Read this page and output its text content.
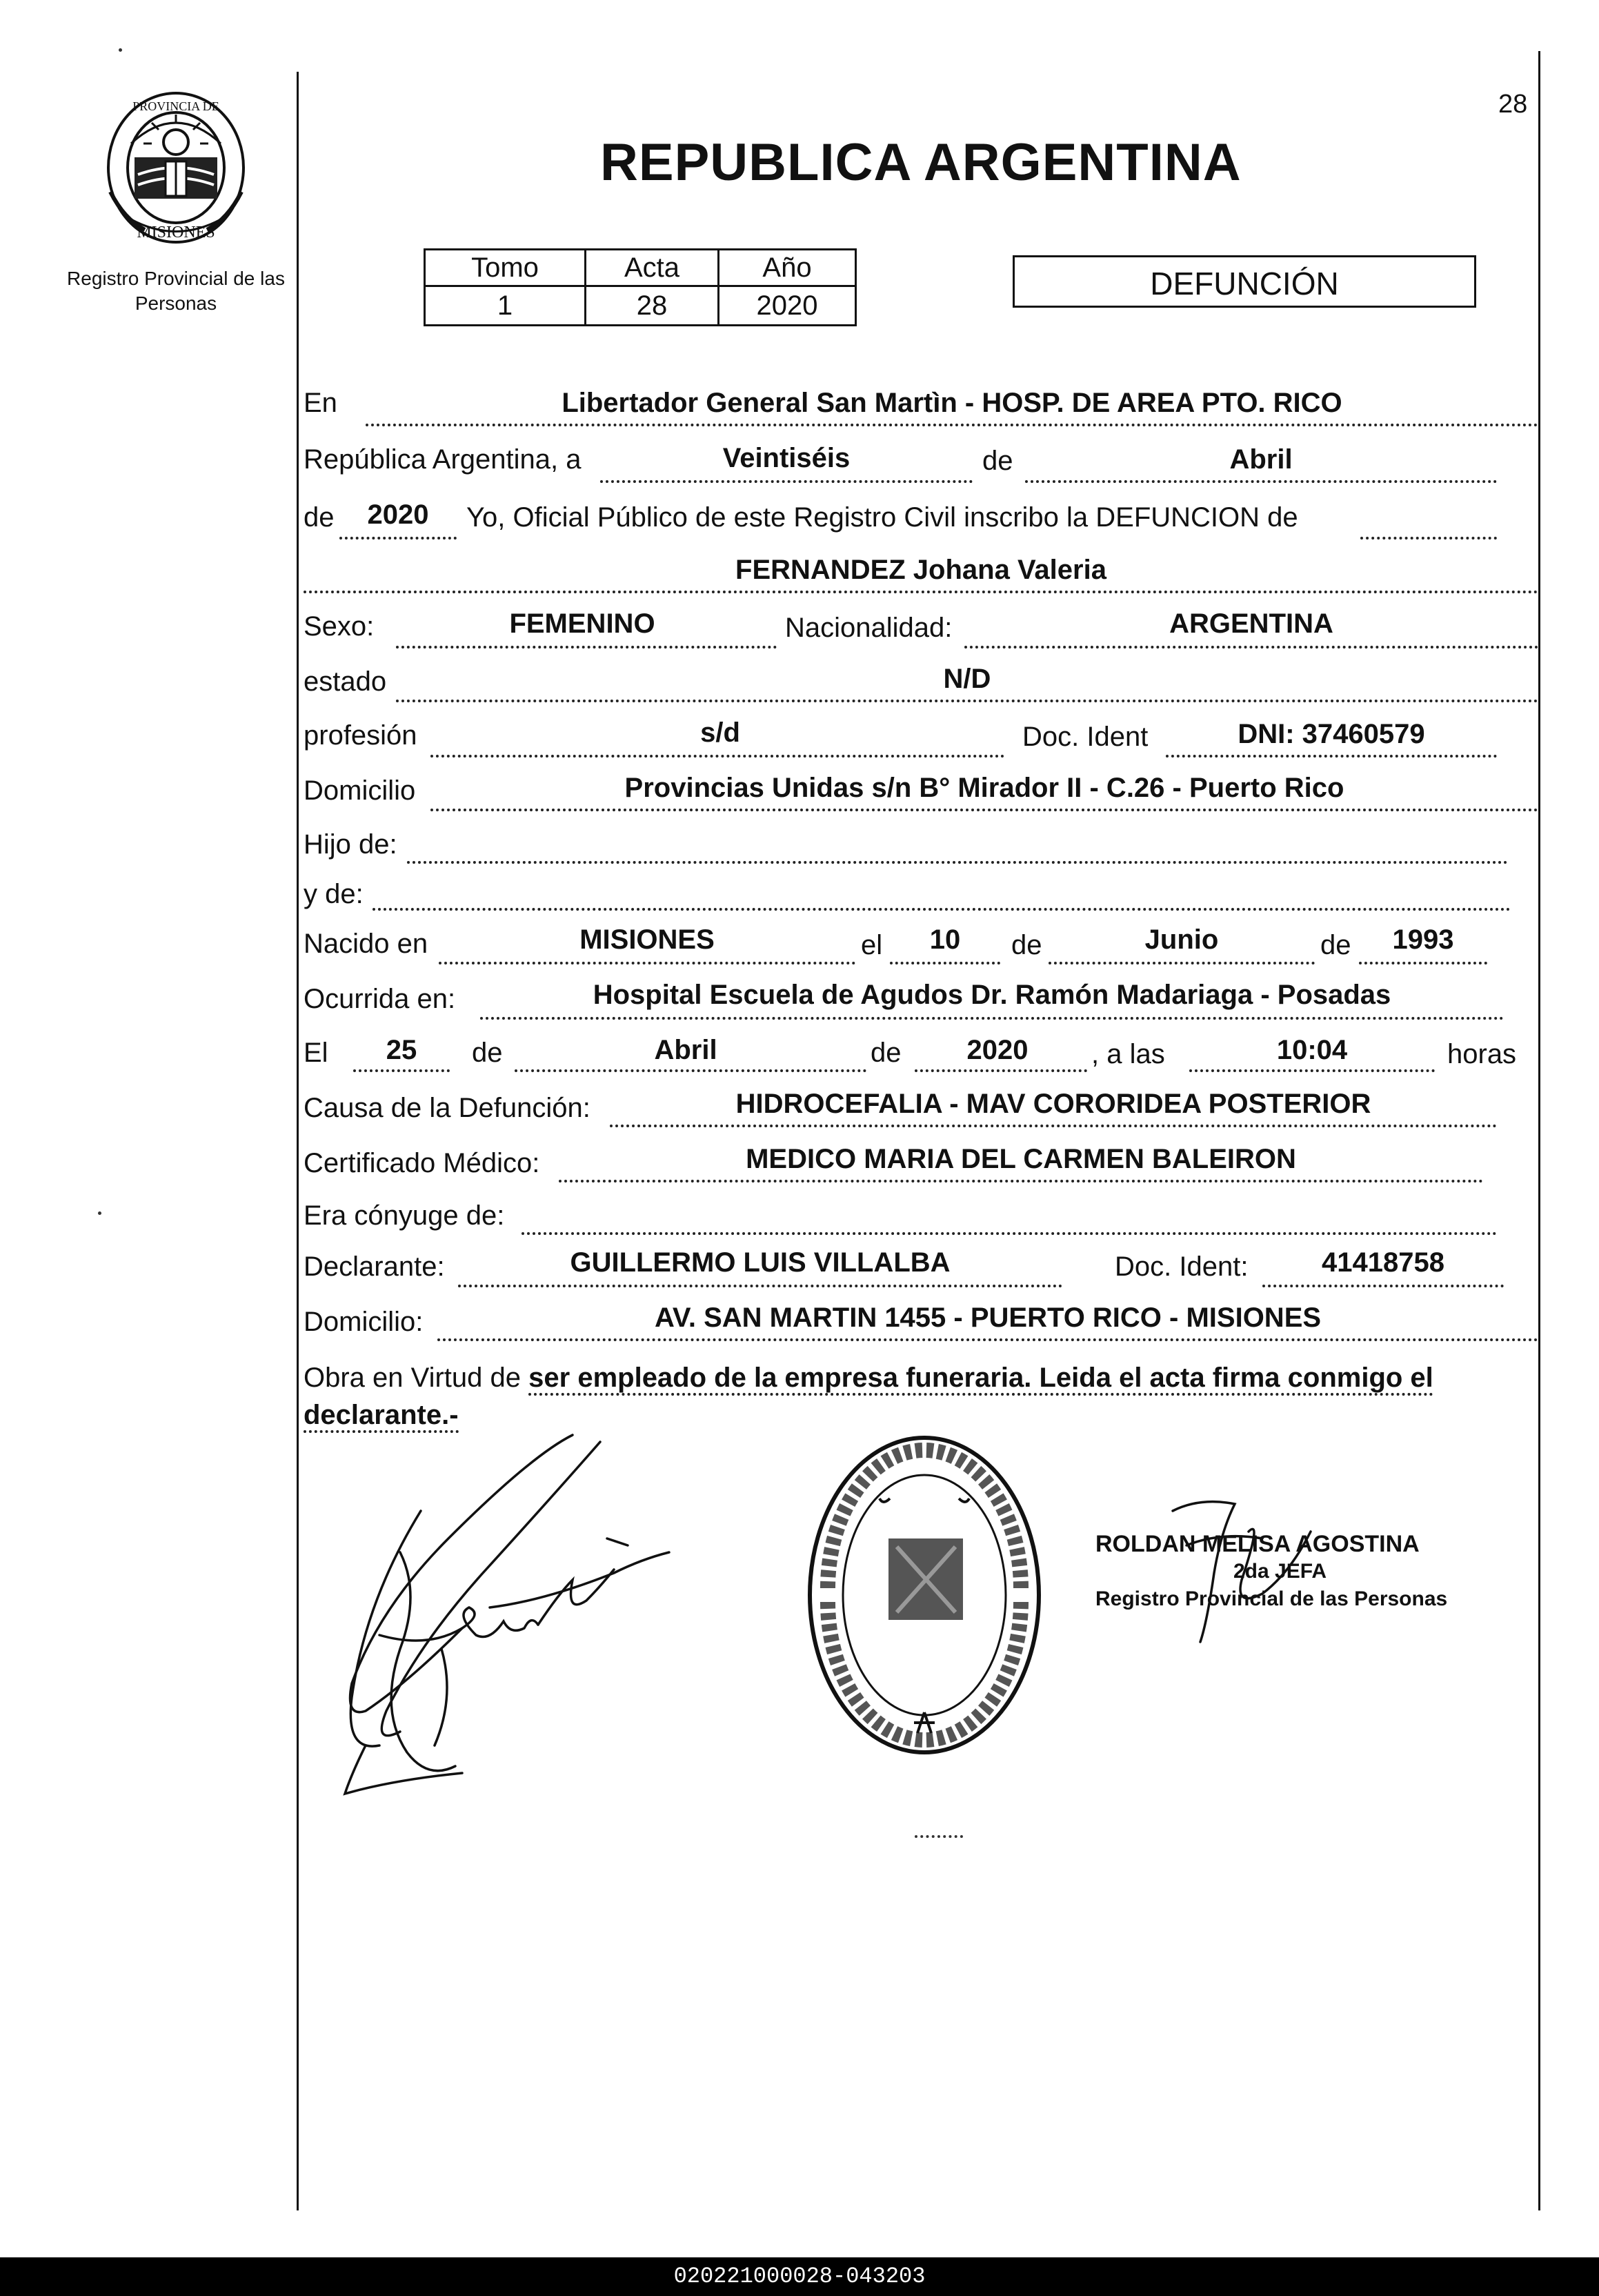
PROVINCIA DE
MISIONES
Registro Provincial de las Personas
28
REPUBLICA ARGENTINA
Tomo	Acta	Año
1	28	2020
DEFUNCIÓN
En	Libertador General San Martìn - HOSP. DE AREA PTO. RICO
República Argentina, a	Veintiséis	de	Abril
de	2020	Yo, Oficial Público de este Registro Civil inscribo la DEFUNCION de
FERNANDEZ Johana Valeria
Sexo:	FEMENINO	Nacionalidad:	ARGENTINA
estado	N/D
profesión	s/d	Doc. Ident	DNI: 37460579
Domicilio	Provincias Unidas s/n B° Mirador II - C.26 - Puerto Rico
Hijo de:
y de:
Nacido en	MISIONES	el	10	de	Junio	de	1993
Ocurrida en:	Hospital Escuela de Agudos Dr. Ramón Madariaga - Posadas
El	25	de	Abril	de	2020	, a las	10:04	horas
Causa de la Defunción:	HIDROCEFALIA - MAV CORORIDEA POSTERIOR
Certificado Médico:	MEDICO MARIA DEL CARMEN BALEIRON
Era cónyuge de:
Declarante:	GUILLERMO LUIS VILLALBA	Doc. Ident:	41418758
Domicilio:	AV. SAN MARTIN 1455 - PUERTO RICO - MISIONES
Obra en Virtud de ser empleado de la empresa funeraria. Leida el acta firma conmigo el declarante.-
ROLDAN MELISA AGOSTINA
2da JEFA
Registro Provincial de las Personas
020221000028-043203
